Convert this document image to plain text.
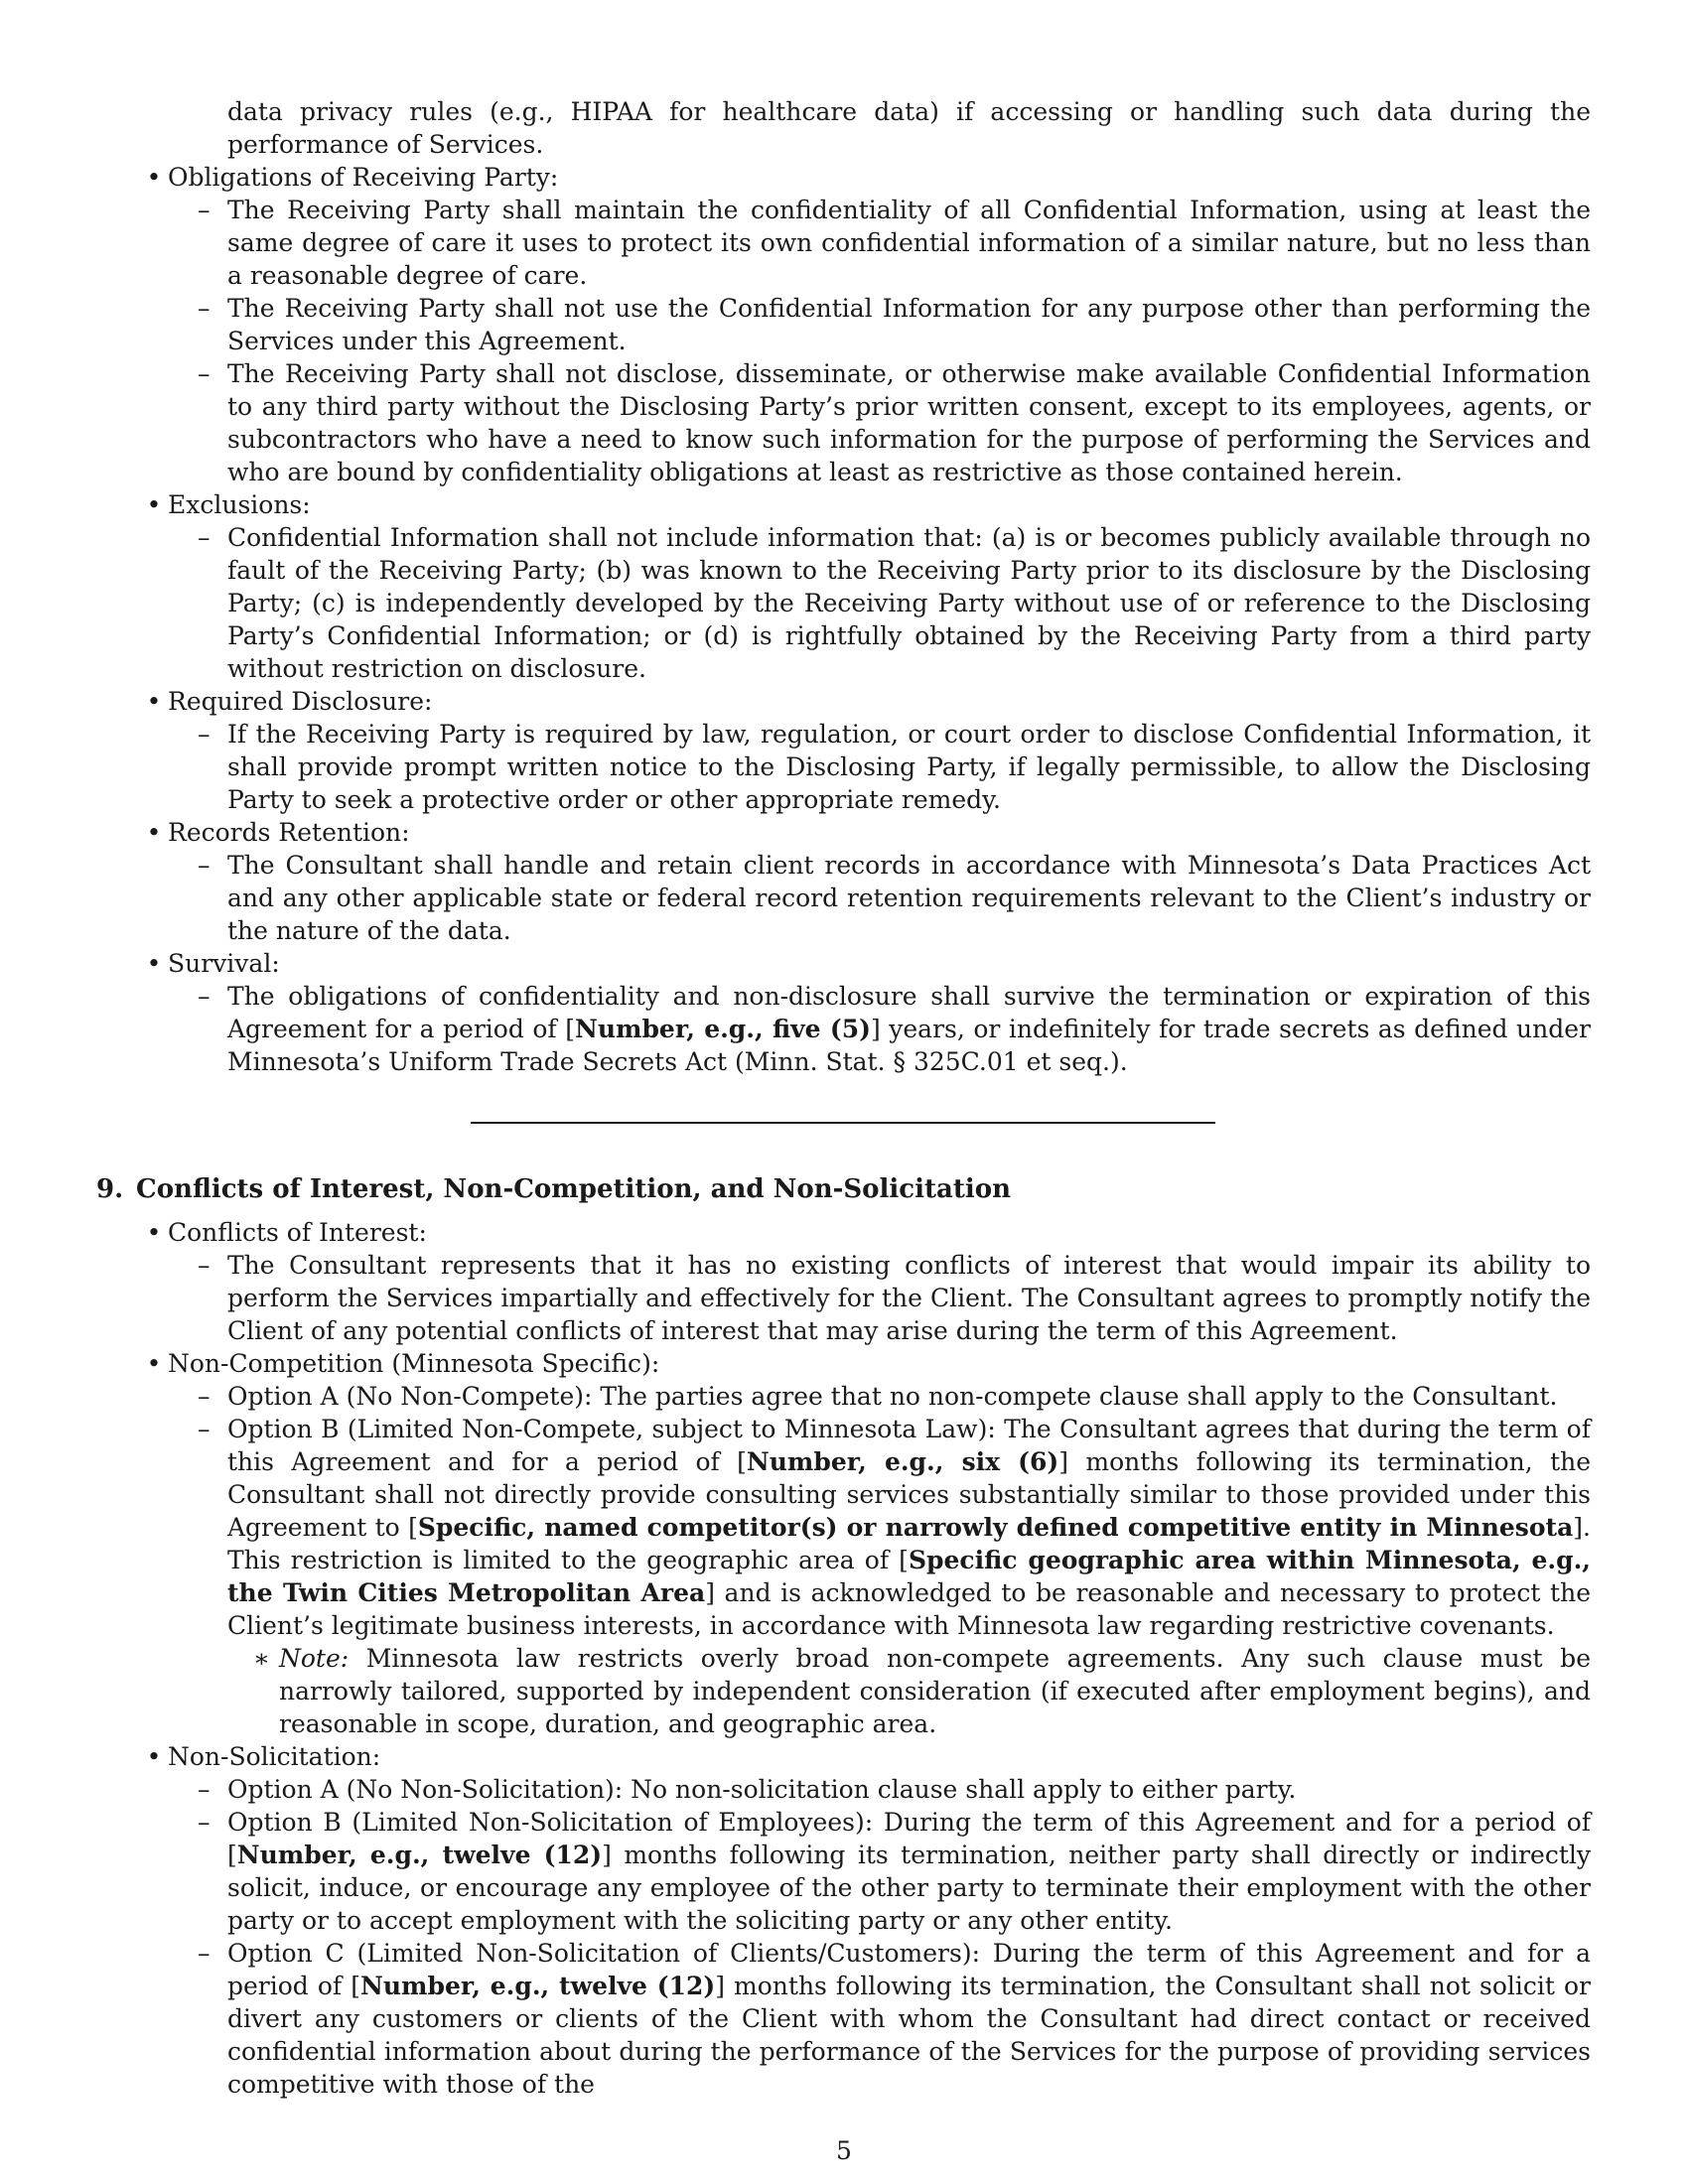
data privacy rules (e.g., HIPAA for healthcare data) if accessing or handling such data during the performance of Services.
• Obligations of Receiving Party:
– The Receiving Party shall maintain the confidentiality of all Confidential Information, using at least the same degree of care it uses to protect its own confidential information of a similar nature, but no less than a reasonable degree of care.
– The Receiving Party shall not use the Confidential Information for any purpose other than performing the Services under this Agreement.
– The Receiving Party shall not disclose, disseminate, or otherwise make available Confidential Information to any third party without the Disclosing Party’s prior written consent, except to its employees, agents, or subcontractors who have a need to know such information for the purpose of performing the Services and who are bound by confidentiality obligations at least as restrictive as those contained herein.
• Exclusions:
– Confidential Information shall not include information that: (a) is or becomes publicly available through no fault of the Receiving Party; (b) was known to the Receiving Party prior to its disclosure by the Disclosing Party; (c) is independently developed by the Receiving Party without use of or reference to the Disclosing Party’s Confidential Information; or (d) is rightfully obtained by the Receiving Party from a third party without restriction on disclosure.
• Required Disclosure:
– If the Receiving Party is required by law, regulation, or court order to disclose Confidential Information, it shall provide prompt written notice to the Disclosing Party, if legally permissible, to allow the Disclosing Party to seek a protective order or other appropriate remedy.
• Records Retention:
– The Consultant shall handle and retain client records in accordance with Minnesota’s Data Practices Act and any other applicable state or federal record retention requirements relevant to the Client’s industry or the nature of the data.
• Survival:
– The obligations of confidentiality and non-disclosure shall survive the termination or expiration of this Agreement for a period of [Number, e.g., five (5)] years, or indefinitely for trade secrets as defined under Minnesota’s Uniform Trade Secrets Act (Minn. Stat. § 325C.01 et seq.).
9. Conflicts of Interest, Non-Competition, and Non-Solicitation
• Conflicts of Interest:
– The Consultant represents that it has no existing conflicts of interest that would impair its ability to perform the Services impartially and effectively for the Client. The Consultant agrees to promptly notify the Client of any potential conflicts of interest that may arise during the term of this Agreement.
• Non-Competition (Minnesota Specific):
– Option A (No Non-Compete): The parties agree that no non-compete clause shall apply to the Consultant.
– Option B (Limited Non-Compete, subject to Minnesota Law): The Consultant agrees that during the term of this Agreement and for a period of [Number, e.g., six (6)] months following its termination, the Consultant shall not directly provide consulting services substantially similar to those provided under this Agreement to [Specific, named competitor(s) or narrowly defined competitive entity in Minnesota]. This restriction is limited to the geographic area of [Specific geographic area within Minnesota, e.g., the Twin Cities Metropolitan Area] and is acknowledged to be reasonable and necessary to protect the Client’s legitimate business interests, in accordance with Minnesota law regarding restrictive covenants.
∗ Note: Minnesota law restricts overly broad non-compete agreements. Any such clause must be narrowly tailored, supported by independent consideration (if executed after employment begins), and reasonable in scope, duration, and geographic area.
• Non-Solicitation:
– Option A (No Non-Solicitation): No non-solicitation clause shall apply to either party.
– Option B (Limited Non-Solicitation of Employees): During the term of this Agreement and for a period of [Number, e.g., twelve (12)] months following its termination, neither party shall directly or indirectly solicit, induce, or encourage any employee of the other party to terminate their employment with the other party or to accept employment with the soliciting party or any other entity.
– Option C (Limited Non-Solicitation of Clients/Customers): During the term of this Agreement and for a period of [Number, e.g., twelve (12)] months following its termination, the Consultant shall not solicit or divert any customers or clients of the Client with whom the Consultant had direct contact or received confidential information about during the performance of the Services for the purpose of providing services competitive with those of the
5
